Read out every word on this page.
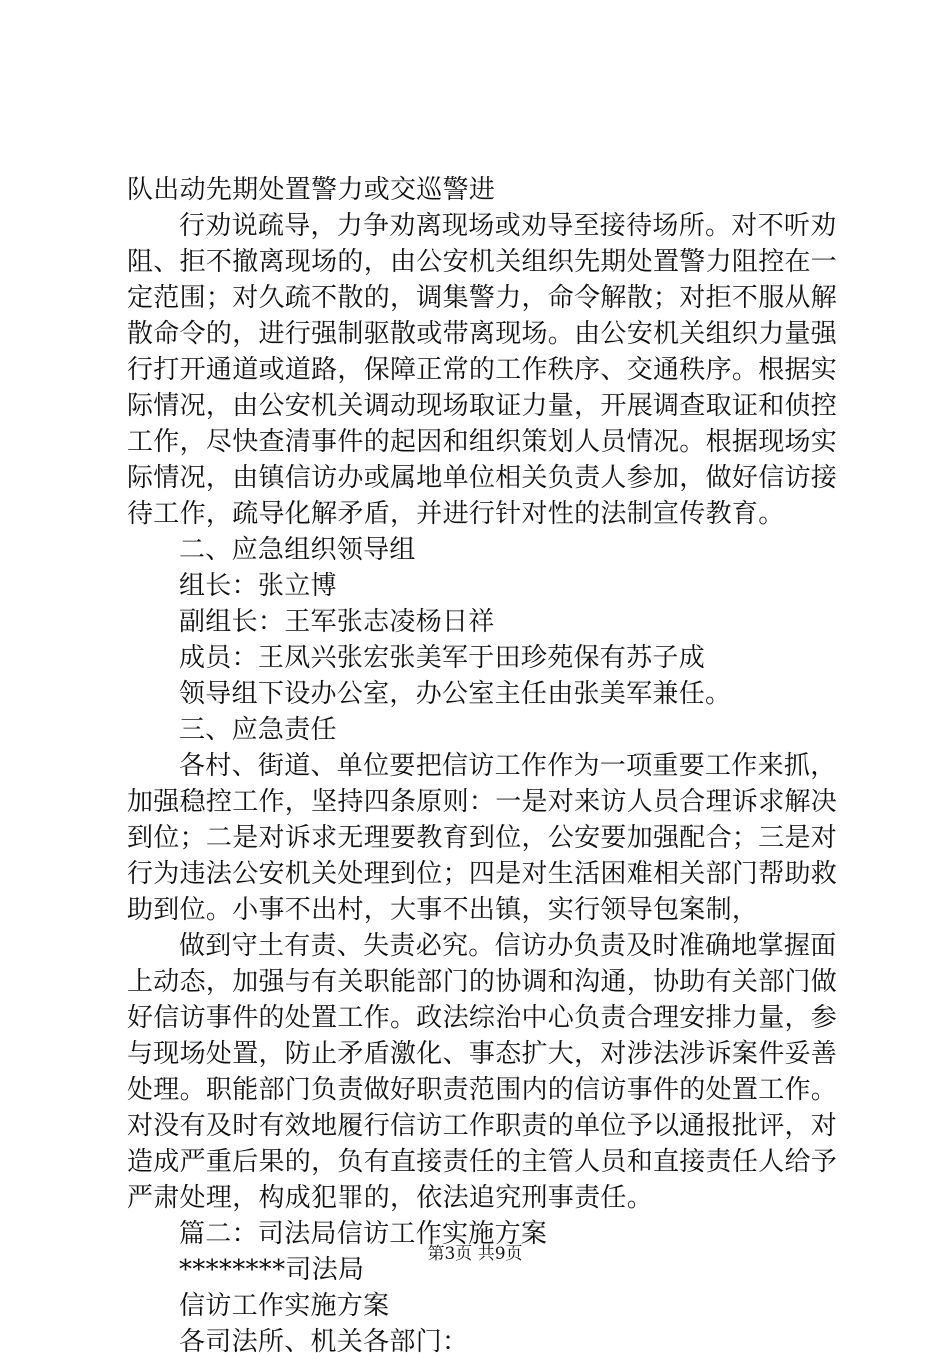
队出动先期处置警力或交巡警进
行劝说疏导，力争劝离现场或劝导至接待场所。对不听劝
阻、拒不撤离现场的，由公安机关组织先期处置警力阻控在一
定范围；对久疏不散的，调集警力，命令解散；对拒不服从解
散命令的，进行强制驱散或带离现场。由公安机关组织力量强
行打开通道或道路，保障正常的工作秩序、交通秩序。根据实
际情况，由公安机关调动现场取证力量，开展调查取证和侦控
工作，尽快查清事件的起因和组织策划人员情况。根据现场实
际情况，由镇信访办或属地单位相关负责人参加，做好信访接
待工作，疏导化解矛盾，并进行针对性的法制宣传教育。
二、应急组织领导组
组长：张立博
副组长：王军张志凌杨日祥
成员：王凤兴张宏张美军于田珍苑保有苏子成
领导组下设办公室，办公室主任由张美军兼任。
三、应急责任
各村、街道、单位要把信访工作作为一项重要工作来抓，
加强稳控工作，坚持四条原则：一是对来访人员合理诉求解决
到位；二是对诉求无理要教育到位，公安要加强配合；三是对
行为违法公安机关处理到位；四是对生活困难相关部门帮助救
助到位。小事不出村，大事不出镇，实行领导包案制，
做到守土有责、失责必究。信访办负责及时准确地掌握面
上动态，加强与有关职能部门的协调和沟通，协助有关部门做
好信访事件的处置工作。政法综治中心负责合理安排力量，参
与现场处置，防止矛盾激化、事态扩大，对涉法涉诉案件妥善
处理。职能部门负责做好职责范围内的信访事件的处置工作。
对没有及时有效地履行信访工作职责的单位予以通报批评，对
造成严重后果的，负有直接责任的主管人员和直接责任人给予
严肃处理，构成犯罪的，依法追究刑事责任。
篇二：司法局信访工作实施方案
********司法局
信访工作实施方案
各司法所、机关各部门：
第3页 共9页
